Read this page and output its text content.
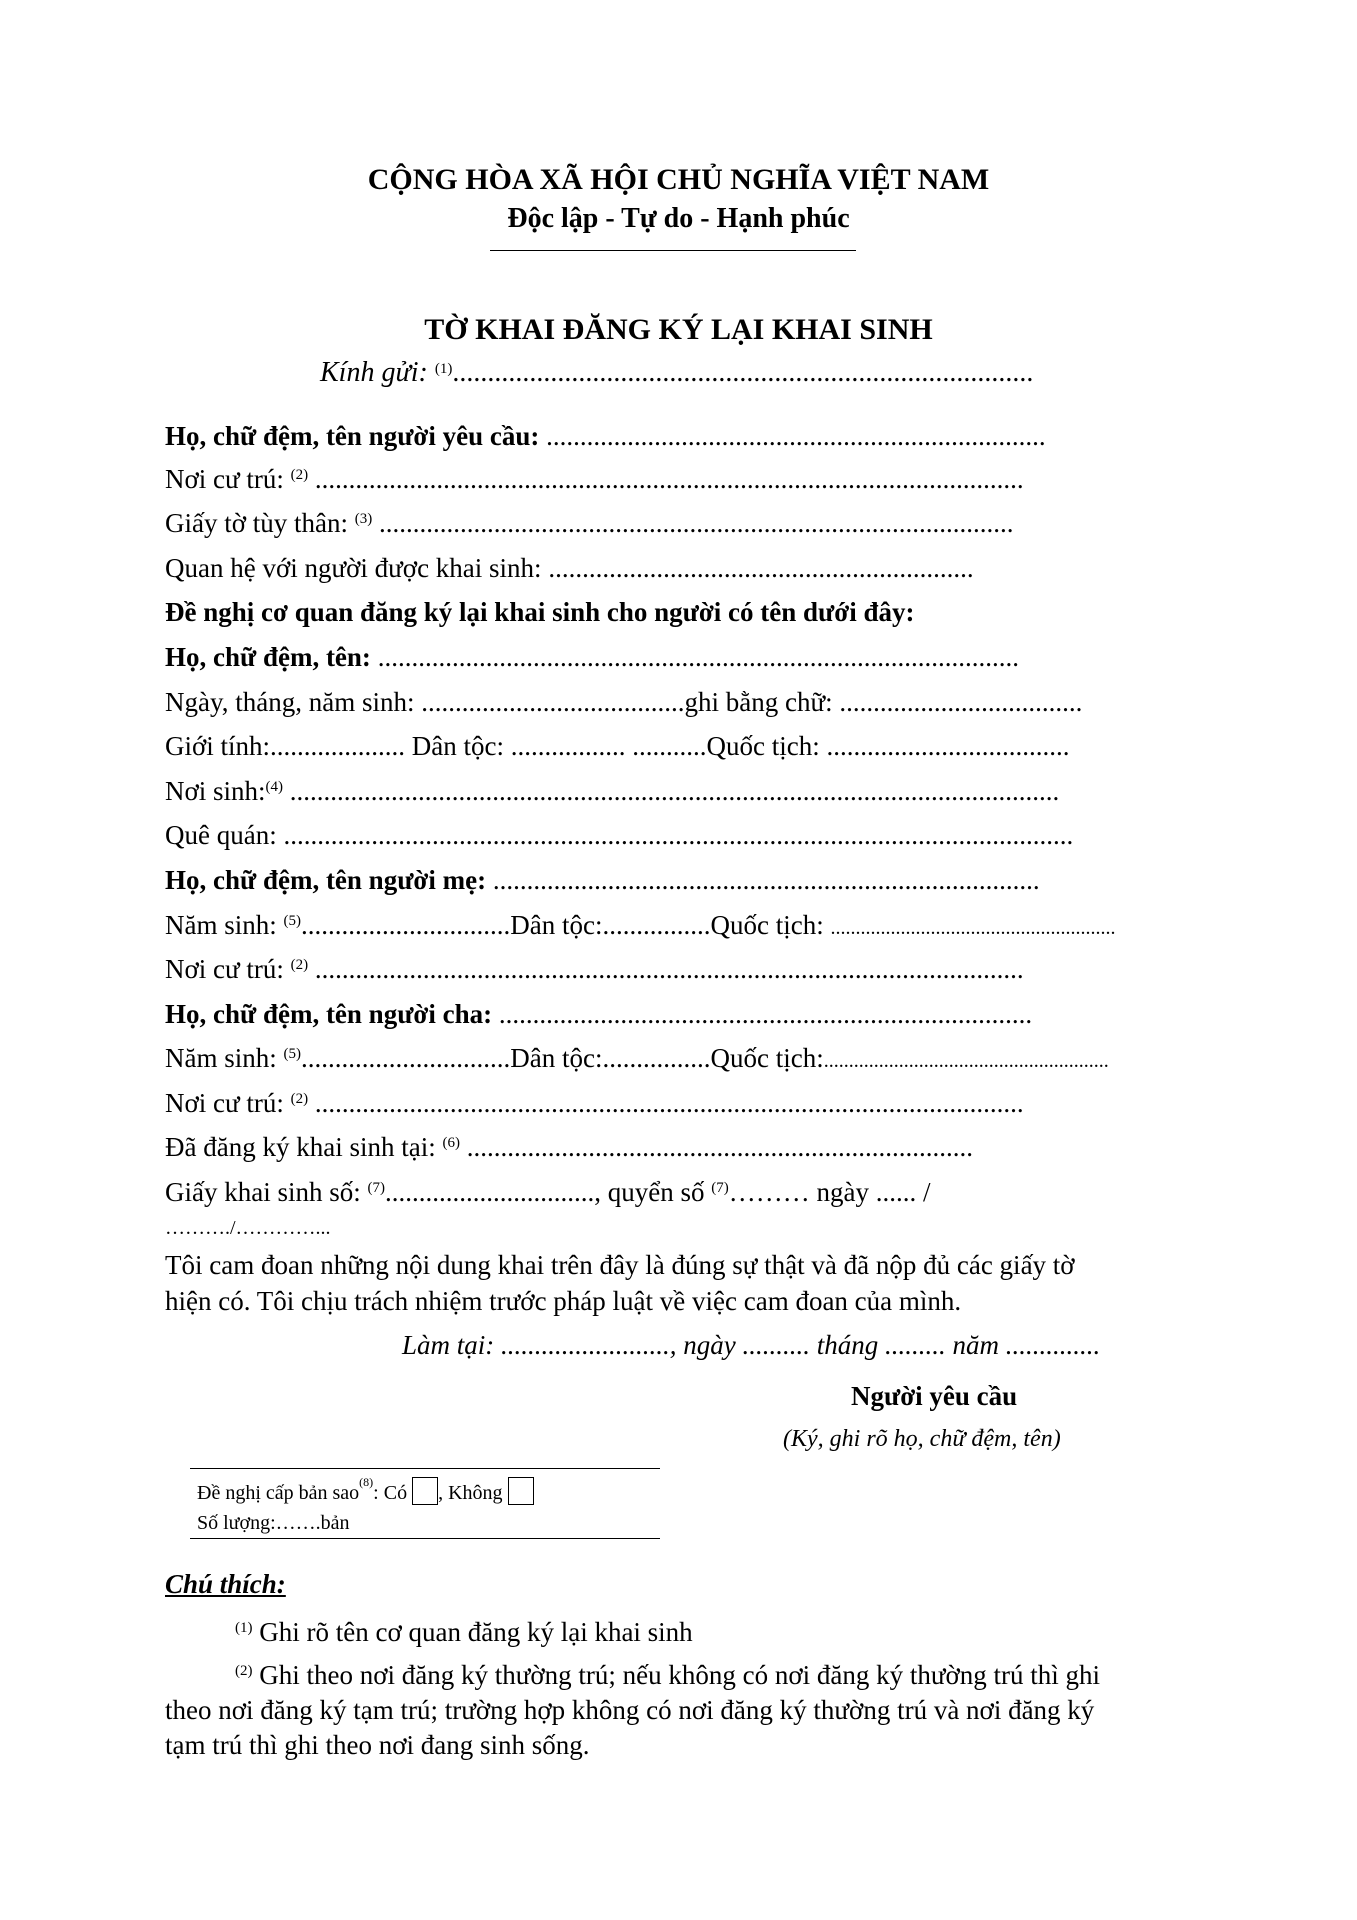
CỘNG HÒA XÃ HỘI CHỦ NGHĨA VIỆT NAM
Độc lập - Tự do - Hạnh phúc
TỜ KHAI ĐĂNG KÝ LẠI KHAI SINH
Kính gửi: $^{(1)}$...................................................................................
Họ, chữ đệm, tên người yêu cầu: ..........................................................................
Nơi cư trú: $^{(2)}$ .........................................................................................................
Giấy tờ tùy thân: $^{(3)}$ ..............................................................................................
Quan hệ với người được khai sinh: ...............................................................
Đề nghị cơ quan đăng ký lại khai sinh cho người có tên dưới đây:
Họ, chữ đệm, tên: ...............................................................................................
Ngày, tháng, năm sinh: .......................................ghi bằng chữ: ....................................
Giới tính:.................... Dân tộc: ................. ...........Quốc tịch: ....................................
Nơi sinh:$^{(4)}$ ..................................................................................................................
Quê quán: .....................................................................................................................
Họ, chữ đệm, tên người mẹ: .................................................................................
Năm sinh: $^{(5)}$...............................Dân tộc:................Quốc tịch: .........................................................
Nơi cư trú: $^{(2)}$ .........................................................................................................
Họ, chữ đệm, tên người cha: ...............................................................................
Năm sinh: $^{(5)}$...............................Dân tộc:................Quốc tịch:.........................................................
Nơi cư trú: $^{(2)}$ .........................................................................................................
Đã đăng ký khai sinh tại: $^{(6)}$ ...........................................................................
Giấy khai sinh số: $^{(7)}$..............................., quyển số $^{(7)}$……… ngày ...... /
………./…………...
Tôi cam đoan những nội dung khai trên đây là đúng sự thật và đã nộp đủ các giấy tờ
hiện có. Tôi chịu trách nhiệm trước pháp luật về việc cam đoan của mình.
Làm tại: ........................., ngày .......... tháng ......... năm ..............
Người yêu cầu
(Ký, ghi rõ họ, chữ đệm, tên)
Đề nghị cấp bản sao$^{(8)}$: Có , Không
Số lượng:…….bản
Chú thích:
$^{(1)}$ Ghi rõ tên cơ quan đăng ký lại khai sinh
$^{(2)}$ Ghi theo nơi đăng ký thường trú; nếu không có nơi đăng ký thường trú thì ghi
theo nơi đăng ký tạm trú; trường hợp không có nơi đăng ký thường trú và nơi đăng ký
tạm trú thì ghi theo nơi đang sinh sống.
